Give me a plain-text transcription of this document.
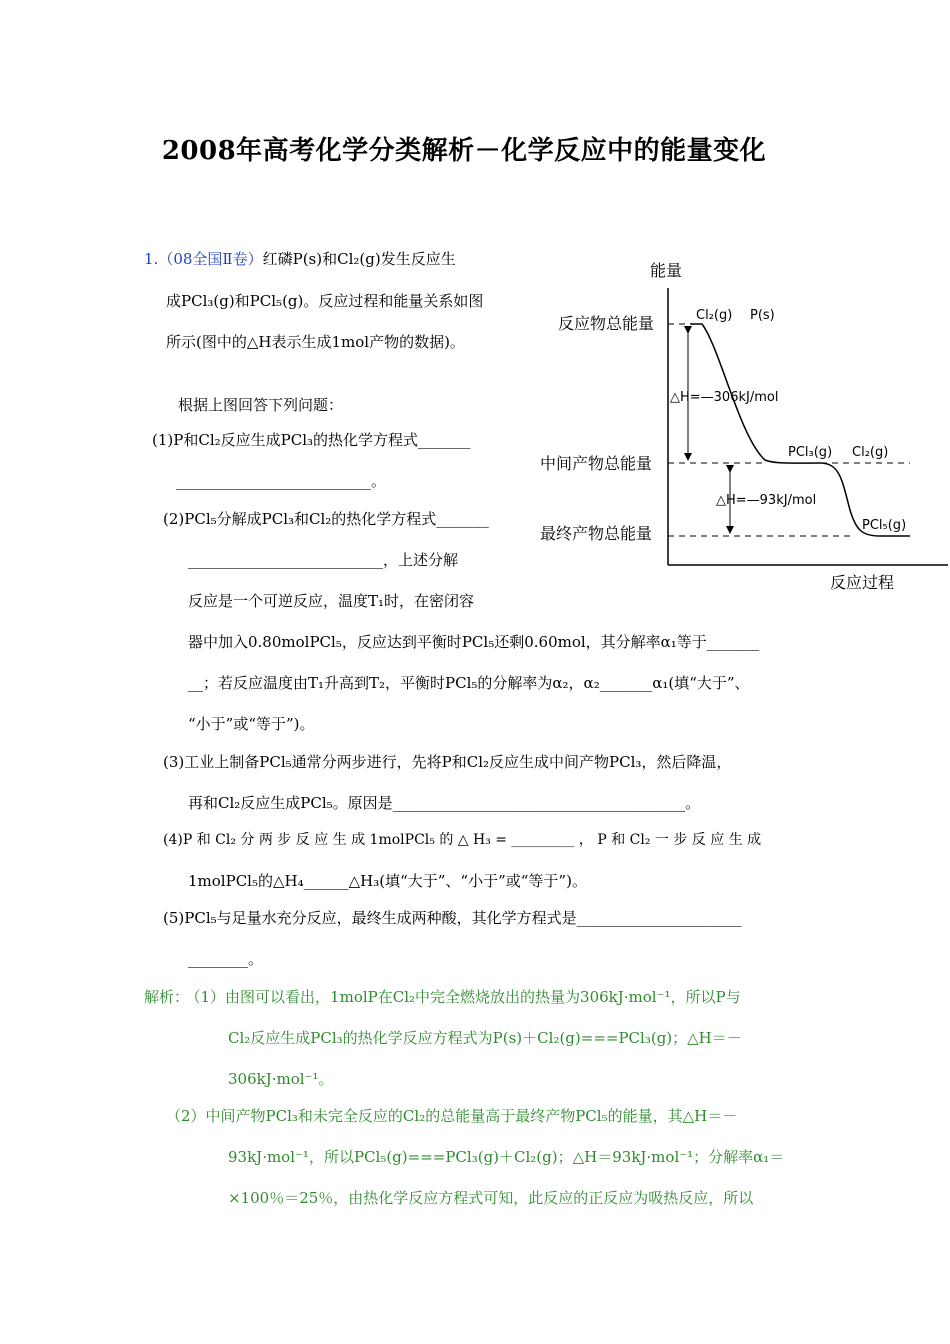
2008年高考化学分类解析－化学反应中的能量变化
1.（08全国Ⅱ卷）红磷P(s)和Cl₂(g)发生反应生
成PCl₃(g)和PCl₅(g)。反应过程和能量关系如图
所示(图中的△H表示生成1mol产物的数据)。
根据上图回答下列问题：
(1)P和Cl₂反应生成PCl₃的热化学方程式_______
__________________________。
(2)PCl₅分解成PCl₃和Cl₂的热化学方程式_______
__________________________，上述分解
反应是一个可逆反应，温度T₁时，在密闭容
器中加入0.80molPCl₅，反应达到平衡时PCl₅还剩0.60mol，其分解率α₁等于_______
__；若反应温度由T₁升高到T₂，平衡时PCl₅的分解率为α₂，α₂_______α₁(填“大于”、
“小于”或“等于”)。
(3)工业上制备PCl₅通常分两步进行，先将P和Cl₂反应生成中间产物PCl₃，然后降温，
再和Cl₂反应生成PCl₅。原因是_______________________________________。
(4)P 和 Cl₂ 分 两 步 反 应 生 成 1molPCl₅ 的 △ H₃ = _________ ， P 和 Cl₂ 一 步 反 应 生 成
1molPCl₅的△H₄______△H₃(填“大于”、“小于”或“等于”)。
(5)PCl₅与足量水充分反应，最终生成两种酸，其化学方程式是______________________
________。
解析： （1）由图可以看出，1molP在Cl₂中完全燃烧放出的热量为306kJ·mol⁻¹，所以P与
Cl₂反应生成PCl₃的热化学反应方程式为P(s)＋Cl₂(g)===PCl₃(g)；△H＝－
306kJ·mol⁻¹。
（2）中间产物PCl₃和未完全反应的Cl₂的总能量高于最终产物PCl₅的能量，其△H＝－
93kJ·mol⁻¹，所以PCl₅(g)===PCl₃(g)＋Cl₂(g)；△H＝93kJ·mol⁻¹；分解率α₁＝
×100％＝25％，由热化学反应方程式可知，此反应的正反应为吸热反应，所以
能量
反应过程
反应物总能量
中间产物总能量
最终产物总能量
Cl₂(g) P(s)
PCl₃(g) Cl₂(g)
PCl₅(g)
△H=—306kJ/mol
△H=—93kJ/mol
